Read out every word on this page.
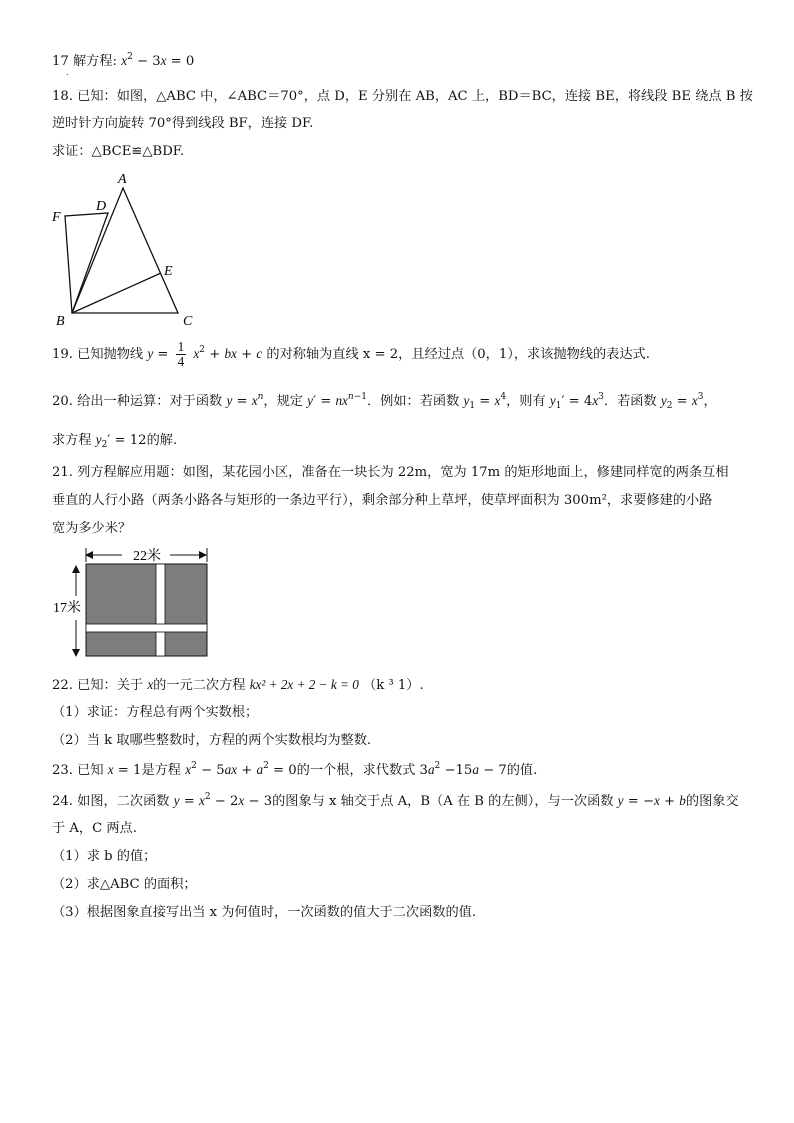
17 解方程: $x^2 - 3x = 0$
.
18. 已知：如图，△ABC 中，∠ABC＝70°，点 D，E 分别在 AB，AC 上，BD＝BC，连接 BE，将线段 BE 绕点 B 按
逆时针方向旋转 70°得到线段 BF，连接 DF.
求证：△BCE≌△BDF.
A
B	C
D
E
F
19. 已知抛物线 $y = \frac{1}{4} x^2$ + bx + c 的对称轴为直线 x = 2，且经过点（0，1），求该抛物线的表达式.
20. 给出一种运算：对于函数 $y = x^n$，规定 $y' = nx^{n-1}$．例如：若函数 $y_1 = x^4$，则有 $y_1' = 4x^3$．若函数 $y_2 = x^3$，
求方程 $y_2' = 12$的解.
21. 列方程解应用题：如图，某花园小区，准备在一块长为 22m，宽为 17m 的矩形地面上，修建同样宽的两条互相
垂直的人行小路（两条小路各与矩形的一条边平行），剩余部分种上草坪，使草坪面积为 300m²，求要修建的小路
宽为多少米？
22米
17米
22. 已知：关于 x的一元二次方程 kx² + 2x + 2 − k = 0 （k ³ 1）.
（1）求证：方程总有两个实数根；
（2）当 k 取哪些整数时，方程的两个实数根均为整数.
23. 已知 x = 1是方程 $x^2 - 5ax + a^2 = 0$的一个根，求代数式 $3a^2 -15a - 7$的值.
24. 如图，二次函数 $y = x^2 - 2x - 3$的图象与 x 轴交于点 A，B（A 在 B 的左侧），与一次函数 y = −x + b的图象交
于 A，C 两点.
（1）求 b 的值；
（2）求△ABC 的面积；
（3）根据图象直接写出当 x 为何值时，一次函数的值大于二次函数的值.
